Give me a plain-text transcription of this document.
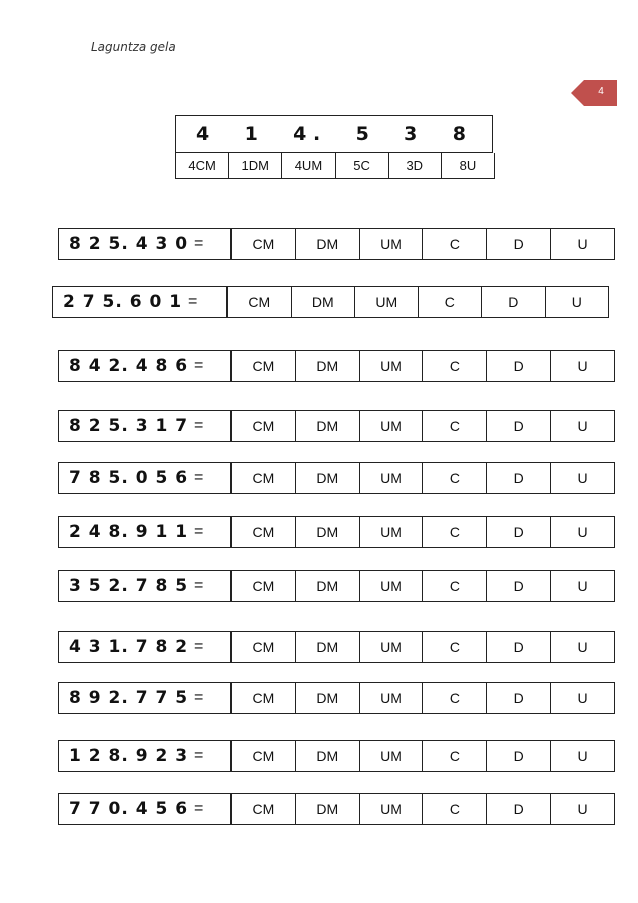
Laguntza gela
4
4 1 4 . 5 3 8
4CM	1DM	4UM	5C	3D	8U
8 2 5. 4 3 0 =	CM	DM	UM	C	D	U
2 7 5. 6 0 1 =	CM	DM	UM	C	D	U
8 4 2. 4 8 6 =	CM	DM	UM	C	D	U
8 2 5. 3 1 7 =	CM	DM	UM	C	D	U
7 8 5. 0 5 6 =	CM	DM	UM	C	D	U
2 4 8. 9 1 1 =	CM	DM	UM	C	D	U
3 5 2. 7 8 5 =	CM	DM	UM	C	D	U
4 3 1. 7 8 2 =	CM	DM	UM	C	D	U
8 9 2. 7 7 5 =	CM	DM	UM	C	D	U
1 2 8. 9 2 3 =	CM	DM	UM	C	D	U
7 7 0. 4 5 6 =	CM	DM	UM	C	D	U
